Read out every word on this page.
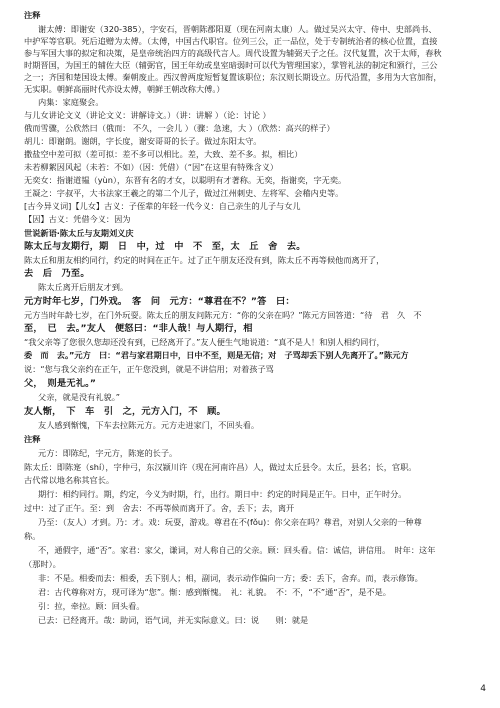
注释
谢太傅：即谢安（320-385），字安石，晋朝陈郡阳夏（现在河南太康）人。做过吴兴太守、侍中、史部尚书、
中护军等官职。死后追赠为太傅。（太傅，中国古代职官。位列三公，正一品位，处于专制统治者的核心位置，直接
参与军国大事的拟定和决策，是皇帝统治四方的高级代言人。周代设置为辅弼天子之任。汉代复置，次于太师，春秋
时期晋国，为国王的辅佐大臣（辅弼官，国王年幼或皇室暗弱时可以代为管理国家），掌管礼法的制定和颁行，三公
之一；齐国和楚国设太傅。秦朝废止。西汉曾两度短暂复置该职位；东汉则长期设立。历代沿置，多用为大官加衔，
无实职。朝鲜高丽时代亦设太傅，朝鲜王朝改称大傅。）
内集：家庭聚会。
与儿女讲论文义（讲论文义：讲解诗文。）（讲：讲解 ）（论：讨论 ）
俄而雪骤，公欣然曰（俄而： 不久，一会儿 ）（骤：急速，大 ）（欣然：高兴的样子）
胡儿：即谢朗。谢朗，字长度，谢安哥哥的长子。做过东阳太守。
撒盐空中差可拟（差可拟：差不多可以相比。差，大致、差不多。拟，相比）
未若柳絮因风起（未若：不如）（因：凭借）（“因”在这里有特殊含义）
无奕女：指谢道韫（yùn），东晋有名的才女，以聪明有才著称。无奕，指谢奕，字无奕。
王凝之：字叔平，大书法家王羲之的第二个儿子，做过江州刺史、左将军、会稽内史等。
[古今异义词]【儿女】古义：子侄辈的年轻一代今义：自己亲生的儿子与女儿
【因】古义：凭借今义：因为
世说新语·陈太丘与友期刘义庆
陈太丘与友期行，期　日　中，过　中　不　至，太　丘　舍　去。
陈太丘和朋友相约同行，约定的时间在正午。过了正午朋友还没有到，陈太丘不再等候他而离开了，
去　后　乃至。
陈太丘离开后朋友才到。
元方时年七岁，门外戏。　客　问　元方：“尊君在不？”答　曰：
元方当时年龄七岁，在门外玩耍。陈太丘的朋友问陈元方：“你的父亲在吗？”陈元方回答道：“待　君　久　不
至，　已　去。”友人　便怒曰：“非人哉！与人期行，相
“我父亲等了您很久您却还没有到，已经离开了。”友人便生气地说道：“真不是人！和别人相约同行，
委　而　去。”元方　曰：“君与家君期日中，日中不至，则是无信；对　子骂却丢下别人先离开了。”陈元方
说：“您与我父亲约在正午，正午您没到，就是不讲信用；对着孩子骂
父，　则是无礼。”
父亲，就是没有礼貌。”
友人惭，　下　车　引　之，元方入门，不　顾。
友人感到惭愧，下车去拉陈元方。元方走进家门，不回头看。
注释
元方：即陈纪，字元方，陈寔的长子。
陈太丘：即陈寔（shí），字仲弓，东汉颍川许（现在河南许昌）人，做过太丘县令。太丘，县名；长，官职。
古代常以地名称其官长。
期行：相约同行。期，约定，今义为时期，行，出行。期日中：约定的时间是正午。日中，正午时分。
过中：过了正午。至：到　舍去：不再等候而离开了。舍，丢下；去，离开
乃至：（友人）才到。乃：才。戏：玩耍，游戏。尊君在不(fǒu)：你父亲在吗？尊君，对别人父亲的一种尊
称。
不，通假字，通“否”。家君：家父，谦词，对人称自己的父亲。顾：回头看。信：诚信，讲信用。　时年：这年
（那时）。
非：不是。相委而去：相委，丢下别人；相，副词，表示动作偏向一方；委：丢下，舍弃。而，表示修饰。
君：古代尊称对方，现可译为“您”。惭：感到惭愧。　礼：礼貌。　不：不，“不”通“否”，是不是。
引：拉，牵拉。顾：回头看。
已去：已经离开。哉：助词，语气词，并无实际意义。曰：说　　则：就是
4
